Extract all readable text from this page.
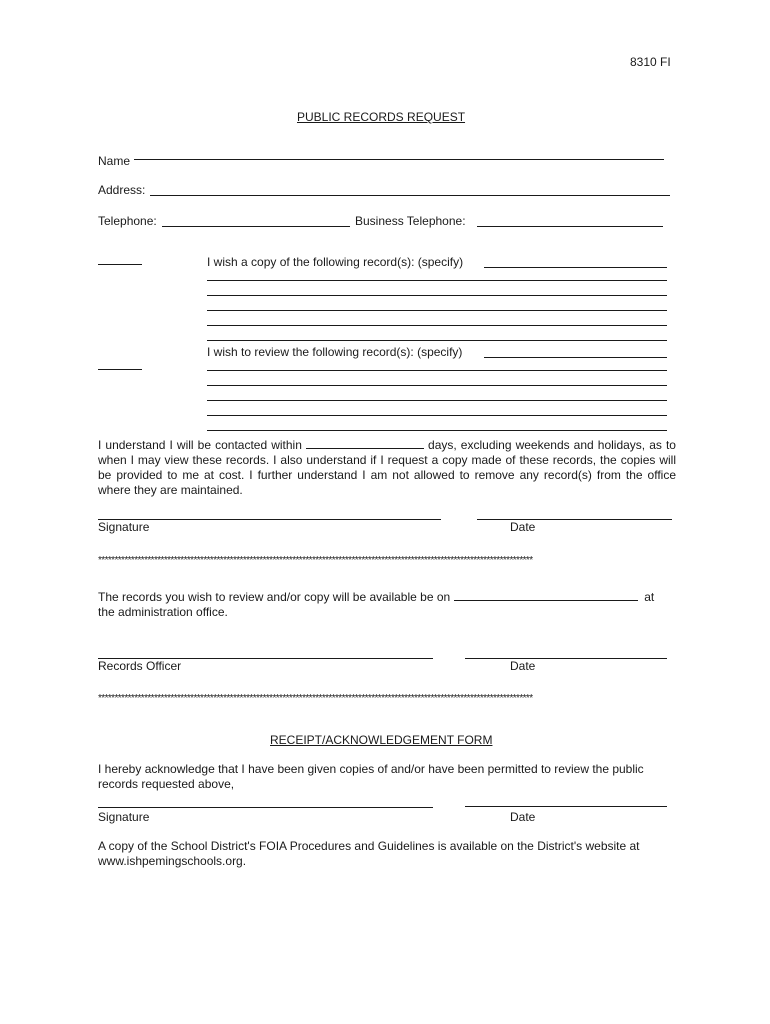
8310 FI
PUBLIC RECORDS REQUEST
Name
Address:
Telephone:	Business Telephone:
I wish a copy of the following record(s): (specify)
I wish to review the following record(s): (specify)
I understand I will be contacted within	days, excluding weekends and holidays, as to when I may view these records. I also understand if I request a copy made of these records, the copies will be provided to me at cost. I further understand I am not allowed to remove any record(s) from the office where they are maintained.
Signature	Date
************************************************************************************************************************************
The records you wish to review and/or copy will be available be on	at
the administration office.
Records Officer	Date
************************************************************************************************************************************
RECEIPT/ACKNOWLEDGEMENT FORM
I hereby acknowledge that I have been given copies of and/or have been permitted to review the public records requested above,
Signature	Date
A copy of the School District's FOIA Procedures and Guidelines is available on the District's website at www.ishpemingschools.org.
